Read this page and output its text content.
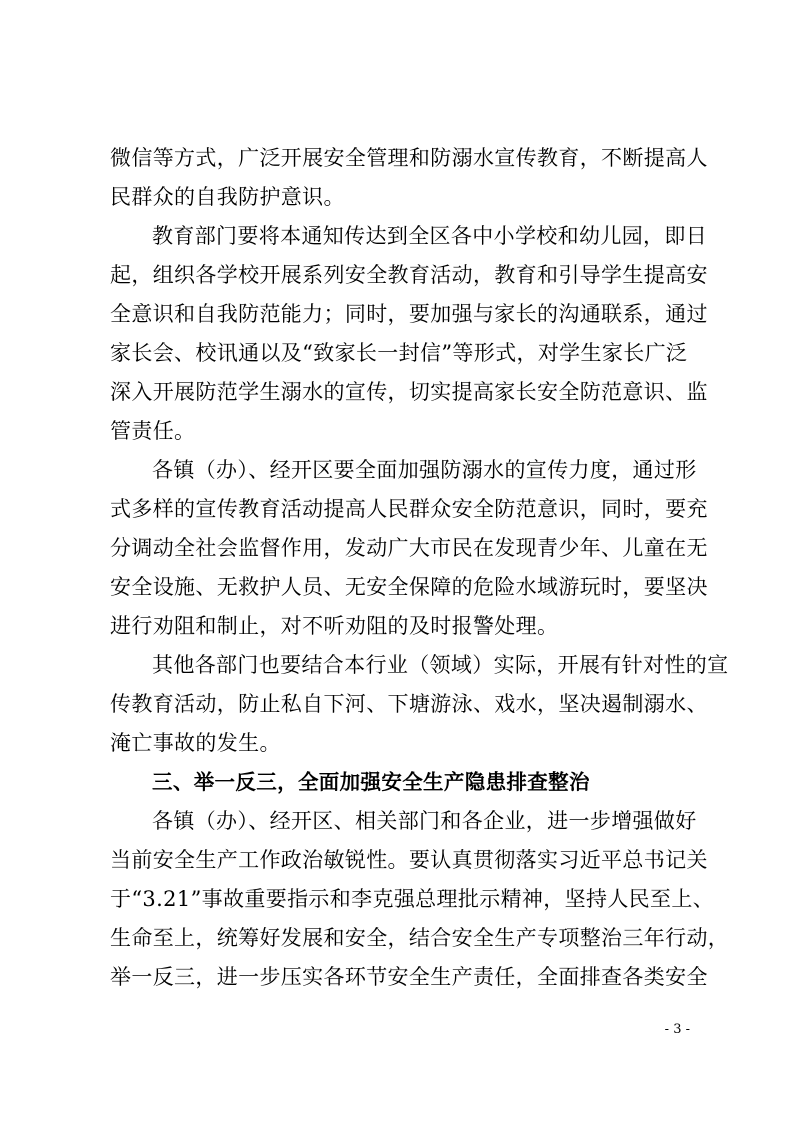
微信等方式，广泛开展安全管理和防溺水宣传教育，不断提高人
民群众的自我防护意识。
教育部门要将本通知传达到全区各中小学校和幼儿园，即日
起，组织各学校开展系列安全教育活动，教育和引导学生提高安
全意识和自我防范能力；同时，要加强与家长的沟通联系，通过
家长会、校讯通以及“致家长一封信”等形式，对学生家长广泛
深入开展防范学生溺水的宣传，切实提高家长安全防范意识、监
管责任。
各镇（办）、经开区要全面加强防溺水的宣传力度，通过形
式多样的宣传教育活动提高人民群众安全防范意识，同时，要充
分调动全社会监督作用，发动广大市民在发现青少年、儿童在无
安全设施、无救护人员、无安全保障的危险水域游玩时，要坚决
进行劝阻和制止，对不听劝阻的及时报警处理。
其他各部门也要结合本行业（领域）实际，开展有针对性的宣
传教育活动，防止私自下河、下塘游泳、戏水，坚决遏制溺水、
淹亡事故的发生。
三、举一反三，全面加强安全生产隐患排查整治
各镇（办）、经开区、相关部门和各企业，进一步增强做好
当前安全生产工作政治敏锐性。要认真贯彻落实习近平总书记关
于“3.21”事故重要指示和李克强总理批示精神，坚持人民至上、
生命至上，统筹好发展和安全，结合安全生产专项整治三年行动，
举一反三，进一步压实各环节安全生产责任，全面排查各类安全
- 3 -
